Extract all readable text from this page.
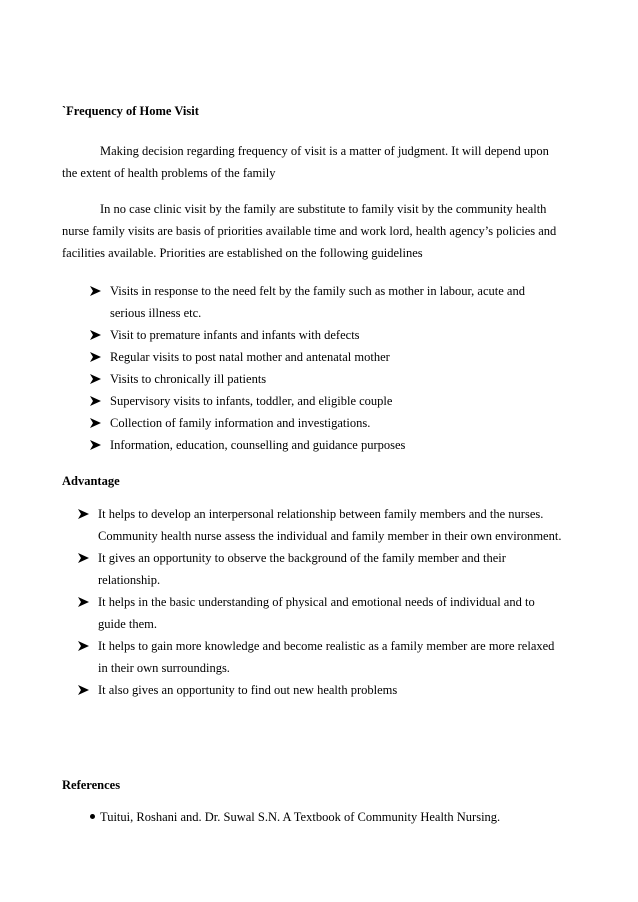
`Frequency of Home Visit
Making decision regarding frequency of visit is a matter of judgment. It will depend upon the extent of health problems of the family
In no case clinic visit by the family are substitute to family visit by the community health nurse family visits are basis of priorities available time and work lord, health agency’s policies and facilities available. Priorities are established on the following guidelines
Visits in response to the need felt by the family such as mother in labour, acute and serious illness etc.
Visit to premature infants and infants with defects
Regular visits to post natal mother and antenatal mother
Visits to chronically ill patients
Supervisory visits to infants, toddler, and eligible couple
Collection of family information and investigations.
Information, education, counselling and guidance purposes
Advantage
It helps to develop an interpersonal relationship between family members and the nurses. Community health nurse assess the individual and family member in their own environment.
It gives an opportunity to observe the background of the family member and their relationship.
It helps in the basic understanding of physical and emotional needs of individual and to guide them.
It helps to gain more knowledge and become realistic as a family member are more relaxed in their own surroundings.
It also gives an opportunity to find out new health problems
References
Tuitui, Roshani and. Dr. Suwal S.N. A Textbook of Community Health Nursing.
